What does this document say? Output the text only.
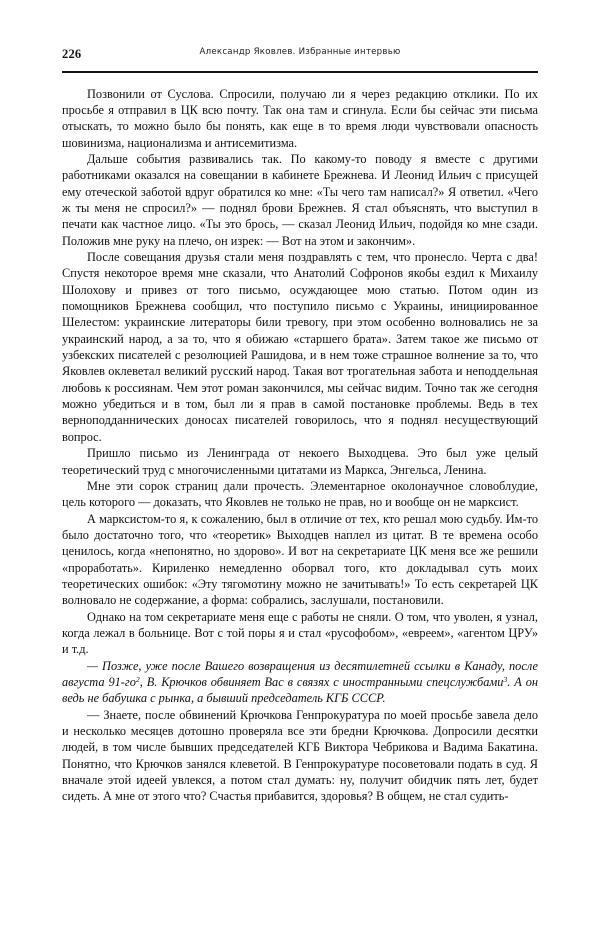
226	Александр Яковлев. Избранные интервью

Позвонили от Суслова. Спросили, получаю ли я через редакцию отклики. По их просьбе я отправил в ЦК всю почту. Так она там и сгинула. Если бы сейчас эти письма отыскать, то можно было бы понять, как еще в то время люди чувствовали опасность шовинизма, национализма и антисемитизма.

Дальше события развивались так. По какому-то поводу я вместе с другими работниками оказался на совещании в кабинете Брежнева. И Леонид Ильич с присущей ему отеческой заботой вдруг обратился ко мне: «Ты чего там написал?» Я ответил. «Чего ж ты меня не спросил?» — поднял брови Брежнев. Я стал объяснять, что выступил в печати как частное лицо. «Ты это брось, — сказал Леонид Ильич, подойдя ко мне сзади. Положив мне руку на плечо, он изрек: — Вот на этом и закончим».

После совещания друзья стали меня поздравлять с тем, что пронесло. Черта с два! Спустя некоторое время мне сказали, что Анатолий Софронов якобы ездил к Михаилу Шолохову и привез от того письмо, осуждающее мою статью. Потом один из помощников Брежнева сообщил, что поступило письмо с Украины, инициированное Шелестом: украинские литераторы били тревогу, при этом особенно волновались не за украинский народ, а за то, что я обижаю «старшего брата». Затем такое же письмо от узбекских писателей с резолюцией Рашидова, и в нем тоже страшное волнение за то, что Яковлев оклеветал великий русский народ. Такая вот трогательная забота и неподдельная любовь к россиянам. Чем этот роман закончился, мы сейчас видим. Точно так же сегодня можно убедиться и в том, был ли я прав в самой постановке проблемы. Ведь в тех верноподданнических доносах писателей говорилось, что я поднял несуществующий вопрос.

Пришло письмо из Ленинграда от некоего Выходцева. Это был уже целый теоретический труд с многочисленными цитатами из Маркса, Энгельса, Ленина.

Мне эти сорок страниц дали прочесть. Элементарное околонаучное словоблудие, цель которого — доказать, что Яковлев не только не прав, но и вообще он не марксист.

А марксистом-то я, к сожалению, был в отличие от тех, кто решал мою судьбу. Им-то было достаточно того, что «теоретик» Выходцев наплел из цитат. В те времена особо ценилось, когда «непонятно, но здорово». И вот на секретариате ЦК меня все же решили «проработать». Кириленко немедленно оборвал того, кто докладывал суть моих теоретических ошибок: «Эту тягомотину можно не зачитывать!» То есть секретарей ЦК волновало не содержание, а форма: собрались, заслушали, постановили.

Однако на том секретариате меня еще с работы не сняли. О том, что уволен, я узнал, когда лежал в больнице. Вот с той поры я и стал «русофобом», «евреем», «агентом ЦРУ» и т.д.

— Позже, уже после Вашего возвращения из десятилетней ссылки в Канаду, после августа $91-го^2$, В. Крючков обвиняет Вас в связях с иностранными спецслужбами$^3$. А он ведь не бабушка с рынка, а бывший председатель КГБ СССР.

— Знаете, после обвинений Крючкова Генпрокуратура по моей просьбе завела дело и несколько месяцев дотошно проверяла все эти бредни Крючкова. Допросили десятки людей, в том числе бывших председателей КГБ Виктора Чебрикова и Вадима Бакатина. Понятно, что Крючков занялся клеветой. В Генпрокуратуре посоветовали подать в суд. Я вначале этой идеей увлекся, а потом стал думать: ну, получит обидчик пять лет, будет сидеть. А мне от этого что? Счастья прибавится, здоровья? В общем, не стал судить-
